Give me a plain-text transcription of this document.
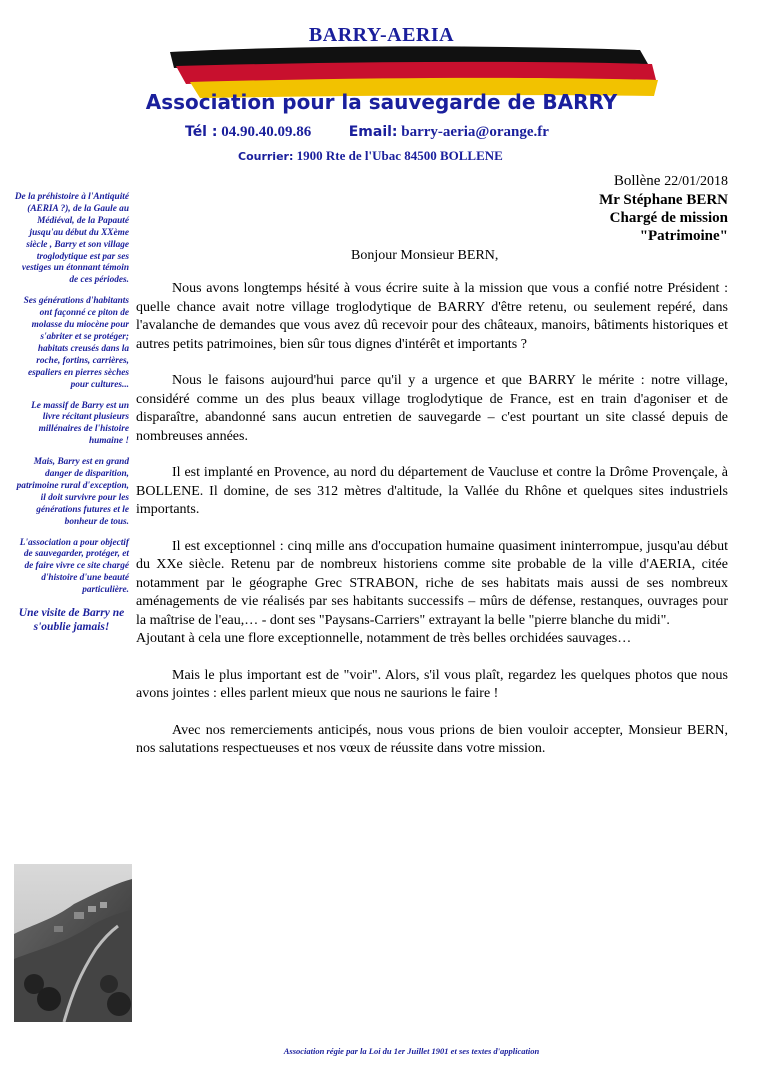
BARRY-AERIA
Association pour la sauvegarde de BARRY
Tél : 04.90.40.09.86	Email: barry-aeria@orange.fr
Courrier: 1900 Rte de l'Ubac 84500 BOLLENE

De la préhistoire à l'Antiquité (AERIA ?), de la Gaule au Médiéval, de la Papauté jusqu'au début du XXème siècle , Barry et son village troglodytique est par ses vestiges un étonnant témoin de ces périodes.

Ses générations d'habitants ont façonné ce piton de molasse du miocène pour s'abriter et se protéger; habitats creusés dans la roche, fortins, carrières, espaliers en pierres sèches pour cultures...

Le massif de Barry est un livre récitant plusieurs millénaires de l'histoire humaine !

Mais, Barry est en grand danger de disparition, patrimoine rural d'exception, il doit survivre pour les générations futures et le bonheur de tous.

L'association a pour objectif de sauvegarder, protéger, et de faire vivre ce site chargé d'histoire d'une beauté particulière.

Une visite de Barry ne s'oublie jamais!

Bollène 22/01/2018
Mr Stéphane BERN
Chargé de mission
"Patrimoine"
Bonjour Monsieur BERN,

Nous avons longtemps hésité à vous écrire suite à la mission que vous a confié notre Président : quelle chance avait notre village troglodytique de BARRY d'être retenu, ou seulement repéré, dans l'avalanche de demandes que vous avez dû recevoir pour des châteaux, manoirs, bâtiments historiques et autres petits patrimoines, bien sûr tous dignes d'intérêt et importants ?

Nous le faisons aujourd'hui parce qu'il y a urgence et que BARRY le mérite : notre village, considéré comme un des plus beaux village troglodytique de France, est en train d'agoniser et de disparaître, abandonné sans aucun entretien de sauvegarde – c'est pourtant un site classé depuis de nombreuses années.

Il est implanté en Provence, au nord du département de Vaucluse et contre la Drôme Provençale, à BOLLENE. Il domine, de ses 312 mètres d'altitude, la Vallée du Rhône et quelques sites industriels importants.

Il est exceptionnel : cinq mille ans d'occupation humaine quasiment ininterrompue, jusqu'au début du XXe siècle. Retenu par de nombreux historiens comme site probable de la ville d'AERIA, citée notamment par le géographe Grec STRABON, riche de ses habitats mais aussi de ses nombreux aménagements de vie réalisés par ses habitants successifs – mûrs de défense, restanques, ouvrages pour la maîtrise de l'eau,… - dont ses "Paysans-Carriers" extrayant la belle "pierre blanche du midi".

Ajoutant à cela une flore exceptionnelle, notamment de très belles orchidées sauvages…

Mais le plus important est de "voir". Alors, s'il vous plaît, regardez les quelques photos que nous avons jointes : elles parlent mieux que nous ne saurions le faire !

Avec nos remerciements anticipés, nous vous prions de bien vouloir accepter, Monsieur BERN, nos salutations respectueuses et nos vœux de réussite dans votre mission.

Association régie par la Loi du 1er Juillet 1901 et ses textes d'application
